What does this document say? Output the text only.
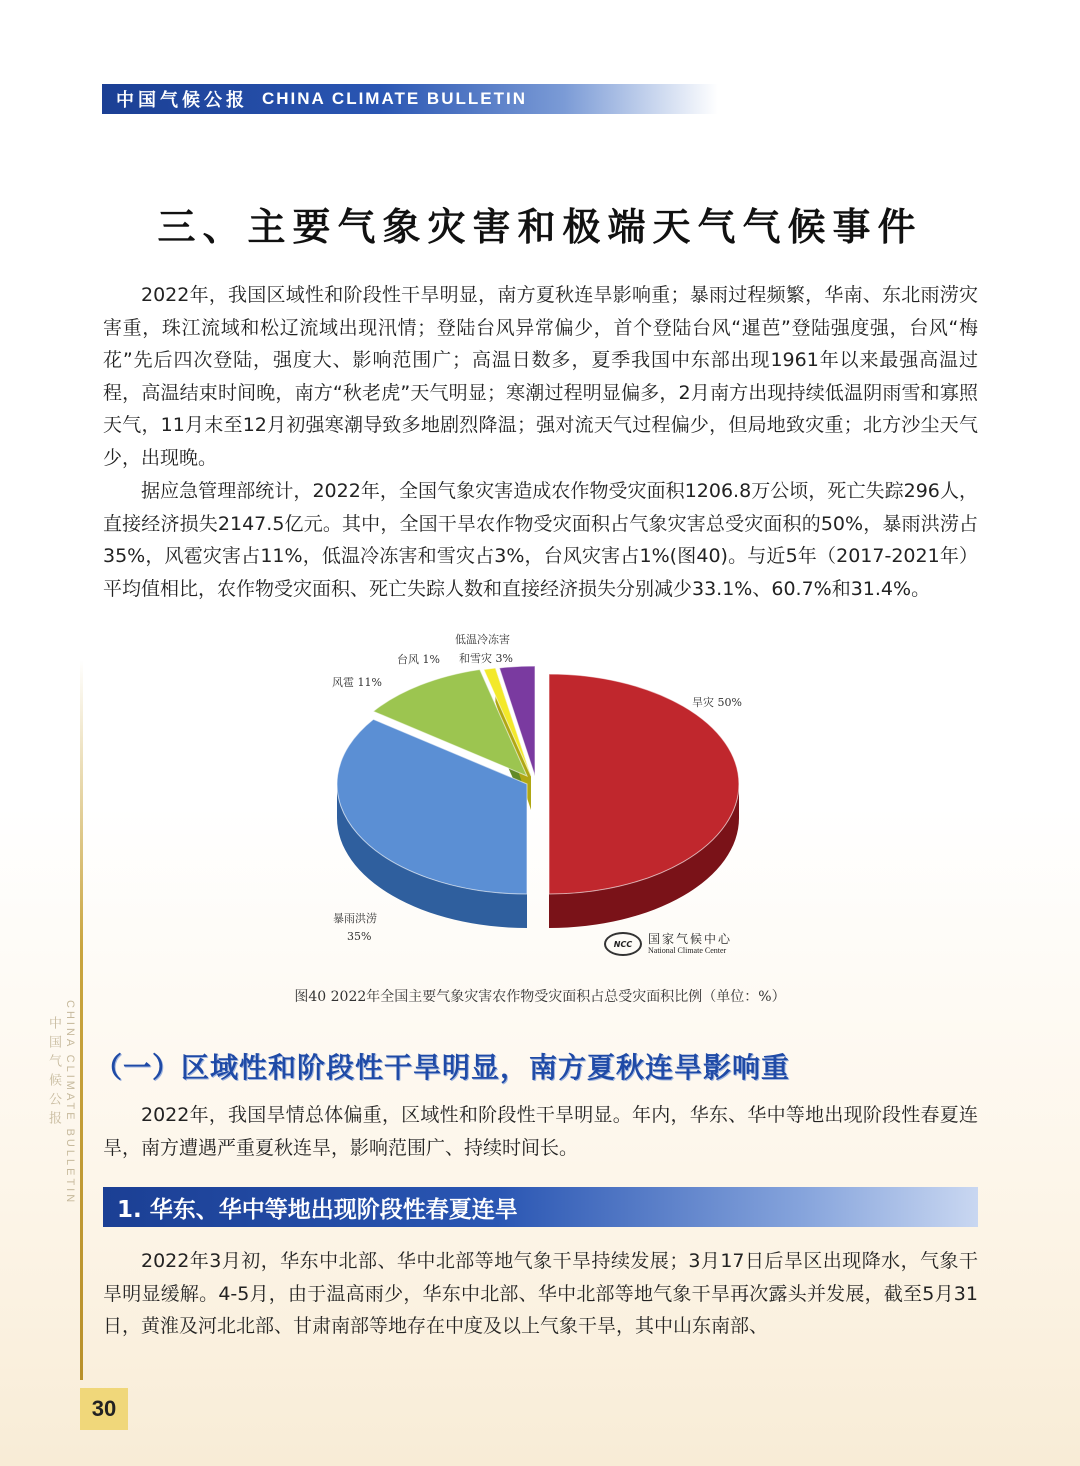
中国气候公报 CHINA CLIMATE BULLETIN
三、主要气象灾害和极端天气气候事件

2022年，我国区域性和阶段性干旱明显，南方夏秋连旱影响重；暴雨过程频繁，华南、东北雨涝灾害重，珠江流域和松辽流域出现汛情；登陆台风异常偏少，首个登陆台风“暹芭”登陆强度强，台风“梅花”先后四次登陆，强度大、影响范围广；高温日数多，夏季我国中东部出现1961年以来最强高温过程，高温结束时间晚，南方“秋老虎”天气明显；寒潮过程明显偏多，2月南方出现持续低温阴雨雪和寡照天气，11月末至12月初强寒潮导致多地剧烈降温；强对流天气过程偏少，但局地致灾重；北方沙尘天气少，出现晚。

据应急管理部统计，2022年，全国气象灾害造成农作物受灾面积1206.8万公顷，死亡失踪296人，直接经济损失2147.5亿元。其中，全国干旱农作物受灾面积占气象灾害总受灾面积的50%，暴雨洪涝占35%，风雹灾害占11%，低温冷冻害和雪灾占3%，台风灾害占1%(图40)。与近5年（2017-2021年）平均值相比，农作物受灾面积、死亡失踪人数和直接经济损失分别减少33.1%、60.7%和31.4%。

旱灾 50%
暴雨洪涝
35%
风雹 11%
台风 1%
低温冷冻害
和雪灾 3%
NCC	国家气候中心
National Climate Center
图40 2022年全国主要气象灾害农作物受灾面积占总受灾面积比例（单位：%）
（一）区域性和阶段性干旱明显，南方夏秋连旱影响重

2022年，我国旱情总体偏重，区域性和阶段性干旱明显。年内，华东、华中等地出现阶段性春夏连旱，南方遭遇严重夏秋连旱，影响范围广、持续时间长。

1. 华东、华中等地出现阶段性春夏连旱

2022年3月初，华东中北部、华中北部等地气象干旱持续发展；3月17日后旱区出现降水，气象干旱明显缓解。4-5月，由于温高雨少，华东中北部、华中北部等地气象干旱再次露头并发展，截至5月31日，黄淮及河北北部、甘肃南部等地存在中度及以上气象干旱，其中山东南部、

CHINA CLIMATE BULLETIN
中国气候公报
30
